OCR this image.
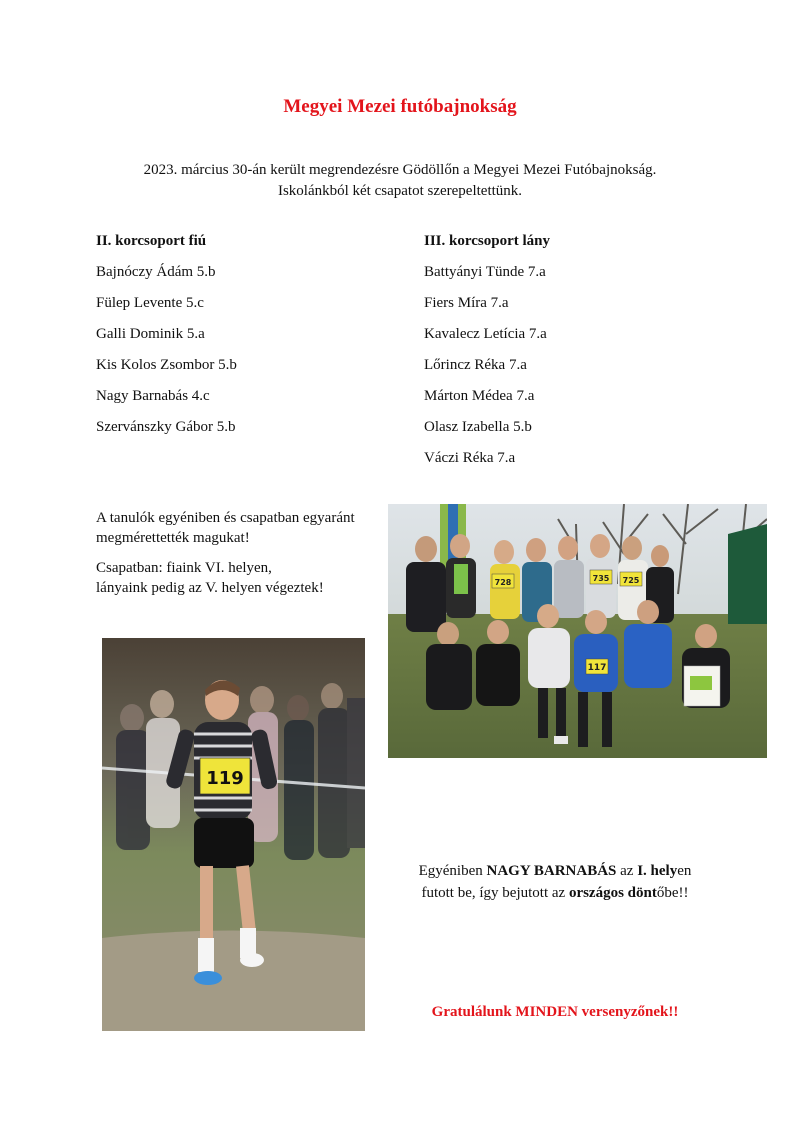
Megyei Mezei futóbajnokság
2023. március 30-án került megrendezésre Gödöllőn a Megyei Mezei Futóbajnokság.
Iskolánkból két csapatot szerepeltettünk.
II. korcsoport fiú
Bajnóczy Ádám 5.b
Fülep Levente 5.c
Galli Dominik 5.a
Kis Kolos Zsombor 5.b
Nagy Barnabás 4.c
Szervánszky Gábor 5.b
III. korcsoport lány
Battyányi Tünde 7.a
Fiers Míra 7.a
Kavalecz Letícia 7.a
Lőrincz Réka 7.a
Márton Médea 7.a
Olasz Izabella 5.b
Váczi Réka 7.a
A tanulók egyéniben és csapatban egyaránt
megmérettették magukat!
Csapatban: fiaink VI. helyen,
lányaink pedig az V. helyen végeztek!	728	735 725
117
119
Egyéniben NAGY BARNABÁS az I. helyen
futott be, így bejutott az országos döntőbe!!
Gratulálunk MINDEN versenyzőnek!!
